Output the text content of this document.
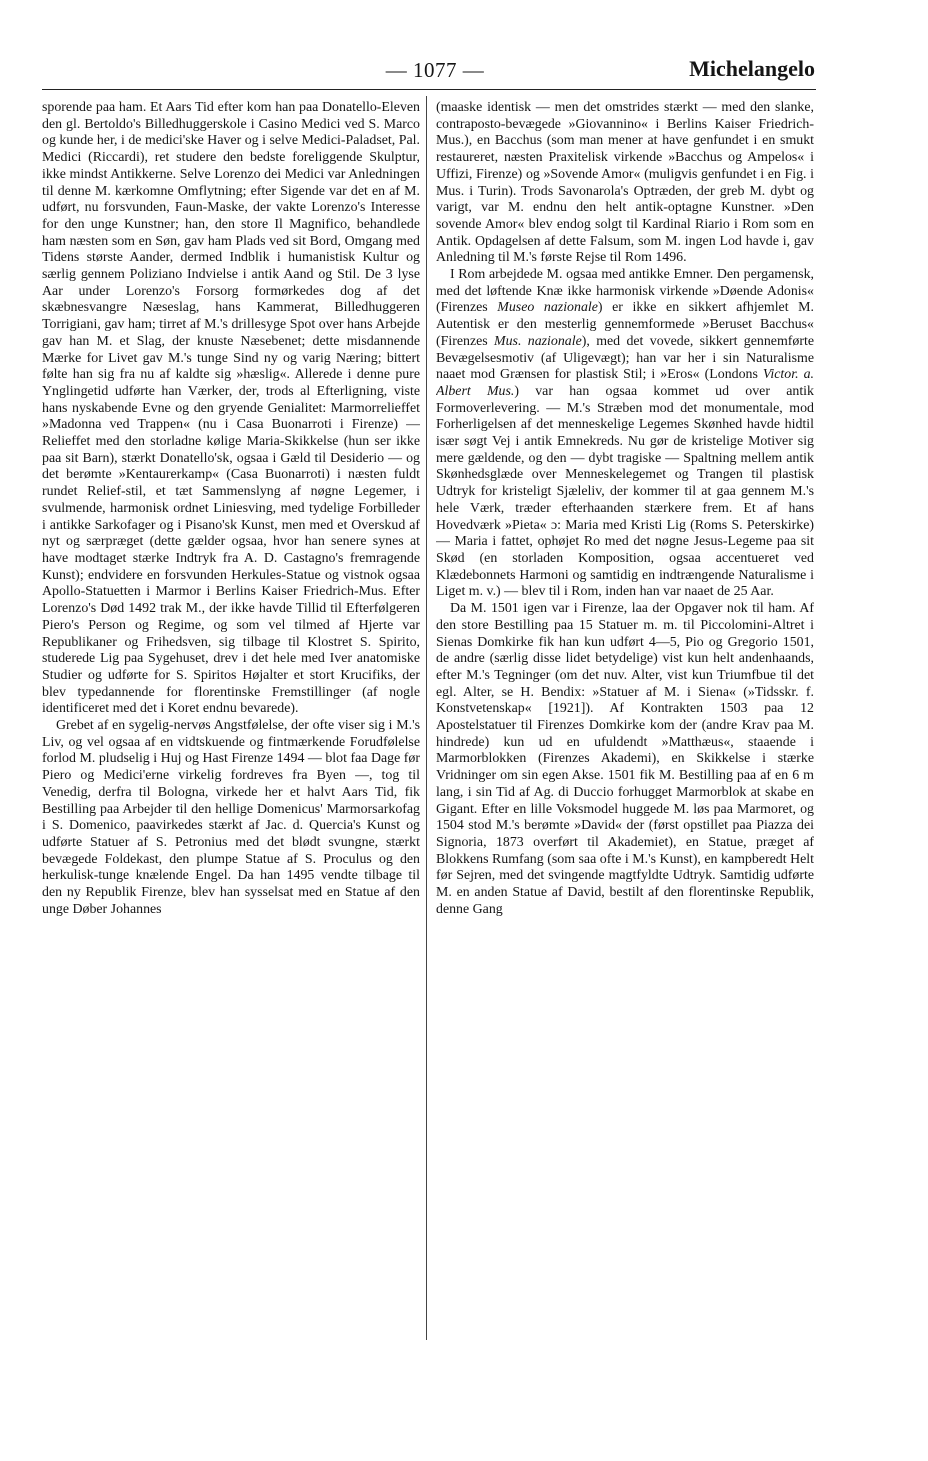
— 1077 —	Michelangelo

sporende paa ham. Et Aars Tid efter kom han paa Donatello-Eleven den gl. Bertoldo's Billedhuggerskole i Casino Medici ved S. Marco og kunde her, i de medici'ske Haver og i selve Medici-Paladset, Pal. Medici (Riccardi), ret studere den bedste foreliggende Skulptur, ikke mindst Antikkerne. Selve Lorenzo dei Medici var Anledningen til denne M. kærkomne Omflytning; efter Sigende var det en af M. udført, nu forsvunden, Faun-Maske, der vakte Lorenzo's Interesse for den unge Kunstner; han, den store Il Magnifico, behandlede ham næsten som en Søn, gav ham Plads ved sit Bord, Omgang med Tidens største Aander, dermed Indblik i humanistisk Kultur og særlig gennem Poliziano Indvielse i antik Aand og Stil. De 3 lyse Aar under Lorenzo's Forsorg formørkedes dog af det skæbnesvangre Næseslag, hans Kammerat, Billedhuggeren Torrigiani, gav ham; tirret af M.'s drillesyge Spot over hans Arbejde gav han M. et Slag, der knuste Næsebenet; dette misdannende Mærke for Livet gav M.'s tunge Sind ny og varig Næring; bittert følte han sig fra nu af kaldte sig »hæslig«. Allerede i denne pure Ynglingetid udførte han Værker, der, trods al Efterligning, viste hans nyskabende Evne og den gryende Genialitet: Marmorrelieffet »Madonna ved Trappen« (nu i Casa Buonarroti i Firenze) — Relieffet med den storladne kølige Maria-Skikkelse (hun ser ikke paa sit Barn), stærkt Donatello'sk, ogsaa i Gæld til Desiderio — og det berømte »Kentaurerkamp« (Casa Buonarroti) i næsten fuldt rundet Relief-stil, et tæt Sammenslyng af nøgne Legemer, i svulmende, harmonisk ordnet Liniesving, med tydelige Forbilleder i antikke Sarkofager og i Pisano'sk Kunst, men med et Overskud af nyt og særpræget (dette gælder ogsaa, hvor han senere synes at have modtaget stærke Indtryk fra A. D. Castagno's fremragende Kunst); endvidere en forsvunden Herkules-Statue og vistnok ogsaa Apollo-Statuetten i Marmor i Berlins Kaiser Friedrich-Mus. Efter Lorenzo's Død 1492 trak M., der ikke havde Tillid til Efterfølgeren Piero's Person og Regime, og som vel tilmed af Hjerte var Republikaner og Frihedsven, sig tilbage til Klostret S. Spirito, studerede Lig paa Sygehuset, drev i det hele med Iver anatomiske Studier og udførte for S. Spiritos Højalter et stort Krucifiks, der blev typedannende for florentinske Fremstillinger (af nogle identificeret med det i Koret endnu bevarede).

Grebet af en sygelig-nervøs Angstfølelse, der ofte viser sig i M.'s Liv, og vel ogsaa af en vidtskuende og fintmærkende Forudfølelse forlod M. pludselig i Huj og Hast Firenze 1494 — blot faa Dage før Piero og Medici'erne virkelig fordreves fra Byen —, tog til Venedig, derfra til Bologna, virkede her et halvt Aars Tid, fik Bestilling paa Arbejder til den hellige Domenicus' Marmorsarkofag i S. Domenico, paavirkedes stærkt af Jac. d. Quercia's Kunst og udførte Statuer af S. Petronius med det blødt svungne, stærkt bevægede Foldekast, den plumpe Statue af S. Proculus og den herkulisk-tunge knælende Engel. Da han 1495 vendte tilbage til den ny Republik Firenze, blev han sysselsat med en Statue af den unge Døber Johannes

(maaske identisk — men det omstrides stærkt — med den slanke, contraposto-bevægede »Giovannino« i Berlins Kaiser Friedrich-Mus.), en Bacchus (som man mener at have genfundet i en smukt restaureret, næsten Praxitelisk virkende »Bacchus og Ampelos« i Uffizi, Firenze) og »Sovende Amor« (muligvis genfundet i en Fig. i Mus. i Turin). Trods Savonarola's Optræden, der greb M. dybt og varigt, var M. endnu den helt antik-optagne Kunstner. »Den sovende Amor« blev endog solgt til Kardinal Riario i Rom som en Antik. Opdagelsen af dette Falsum, som M. ingen Lod havde i, gav Anledning til M.'s første Rejse til Rom 1496.

I Rom arbejdede M. ogsaa med antikke Emner. Den pergamensk, med det løftende Knæ ikke harmonisk virkende »Døende Adonis« (Firenzes Museo nazionale) er ikke en sikkert afhjemlet M. Autentisk er den mesterlig gennemformede »Beruset Bacchus« (Firenzes Mus. nazionale), med det vovede, sikkert gennemførte Bevægelsesmotiv (af Uligevægt); han var her i sin Naturalisme naaet mod Grænsen for plastisk Stil; i »Eros« (Londons Victor. a. Albert Mus.) var han ogsaa kommet ud over antik Formoverlevering. — M.'s Stræben mod det monumentale, mod Forherligelsen af det menneskelige Legemes Skønhed havde hidtil især søgt Vej i antik Emnekreds. Nu gør de kristelige Motiver sig mere gældende, og den — dybt tragiske — Spaltning mellem antik Skønhedsglæde over Menneskelegemet og Trangen til plastisk Udtryk for kristeligt Sjæleliv, der kommer til at gaa gennem M.'s hele Værk, træder efterhaanden stærkere frem. Et af hans Hovedværk »Pieta« ɔ: Maria med Kristi Lig (Roms S. Peterskirke) — Maria i fattet, ophøjet Ro med det nøgne Jesus-Legeme paa sit Skød (en storladen Komposition, ogsaa accentueret ved Klædebonnets Harmoni og samtidig en indtrængende Naturalisme i Liget m. v.) — blev til i Rom, inden han var naaet de 25 Aar.

Da M. 1501 igen var i Firenze, laa der Opgaver nok til ham. Af den store Bestilling paa 15 Statuer m. m. til Piccolomini-Altret i Sienas Domkirke fik han kun udført 4—5, Pio og Gregorio 1501, de andre (særlig disse lidet betydelige) vist kun helt andenhaands, efter M.'s Tegninger (om det nuv. Alter, vist kun Triumfbue til det egl. Alter, se H. Bendix: »Statuer af M. i Siena« (»Tidsskr. f. Konstvetenskap« [1921]). Af Kontrakten 1503 paa 12 Apostelstatuer til Firenzes Domkirke kom der (andre Krav paa M. hindrede) kun ud en ufuldendt »Matthæus«, staaende i Marmorblokken (Firenzes Akademi), en Skikkelse i stærke Vridninger om sin egen Akse. 1501 fik M. Bestilling paa af en 6 m lang, i sin Tid af Ag. di Duccio forhugget Marmorblok at skabe en Gigant. Efter en lille Voksmodel huggede M. løs paa Marmoret, og 1504 stod M.'s berømte »David« der (først opstillet paa Piazza dei Signoria, 1873 overført til Akademiet), en Statue, præget af Blokkens Rumfang (som saa ofte i M.'s Kunst), en kampberedt Helt før Sejren, med det svingende magtfyldte Udtryk. Samtidig udførte M. en anden Statue af David, bestilt af den florentinske Republik, denne Gang
